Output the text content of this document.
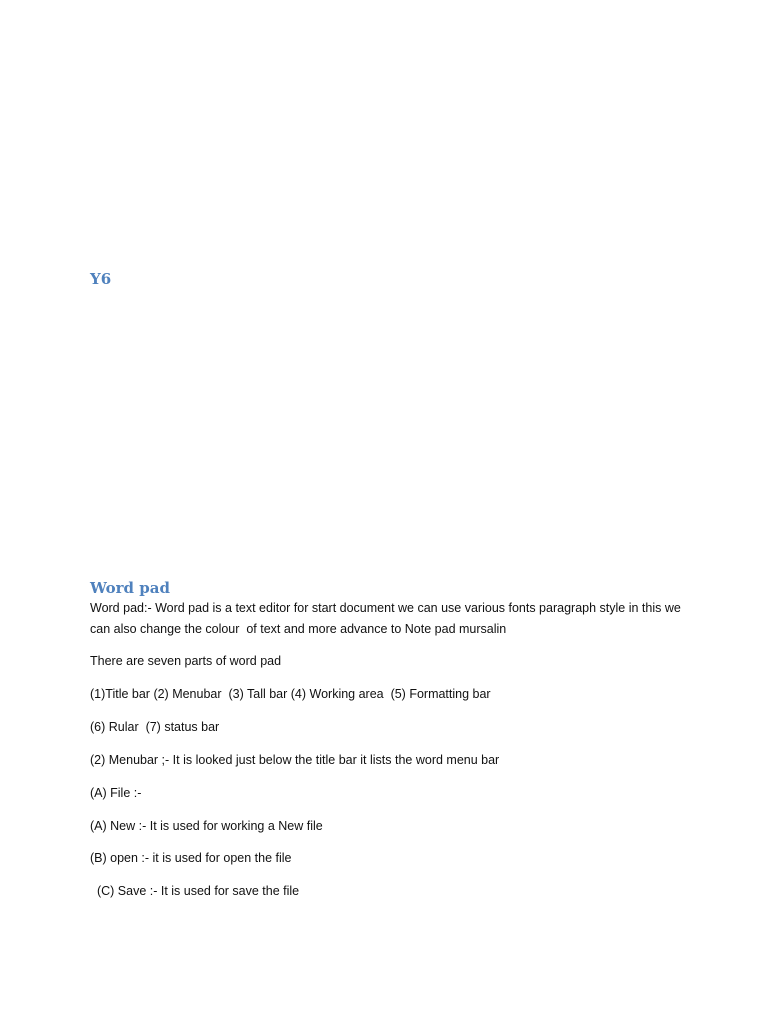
Y6
Word pad

Word pad:- Word pad is a text editor for start document we can use various fonts paragraph style in this we can also change the colour  of text and more advance to Note pad mursalin

There are seven parts of word pad

(1)Title bar (2) Menubar  (3) Tall bar (4) Working area  (5) Formatting bar

(6) Rular  (7) status bar

(2) Menubar ;- It is looked just below the title bar it lists the word menu bar

(A) File :-

(A) New :- It is used for working a New file

(B) open :- it is used for open the file

(C) Save :- It is used for save the file
